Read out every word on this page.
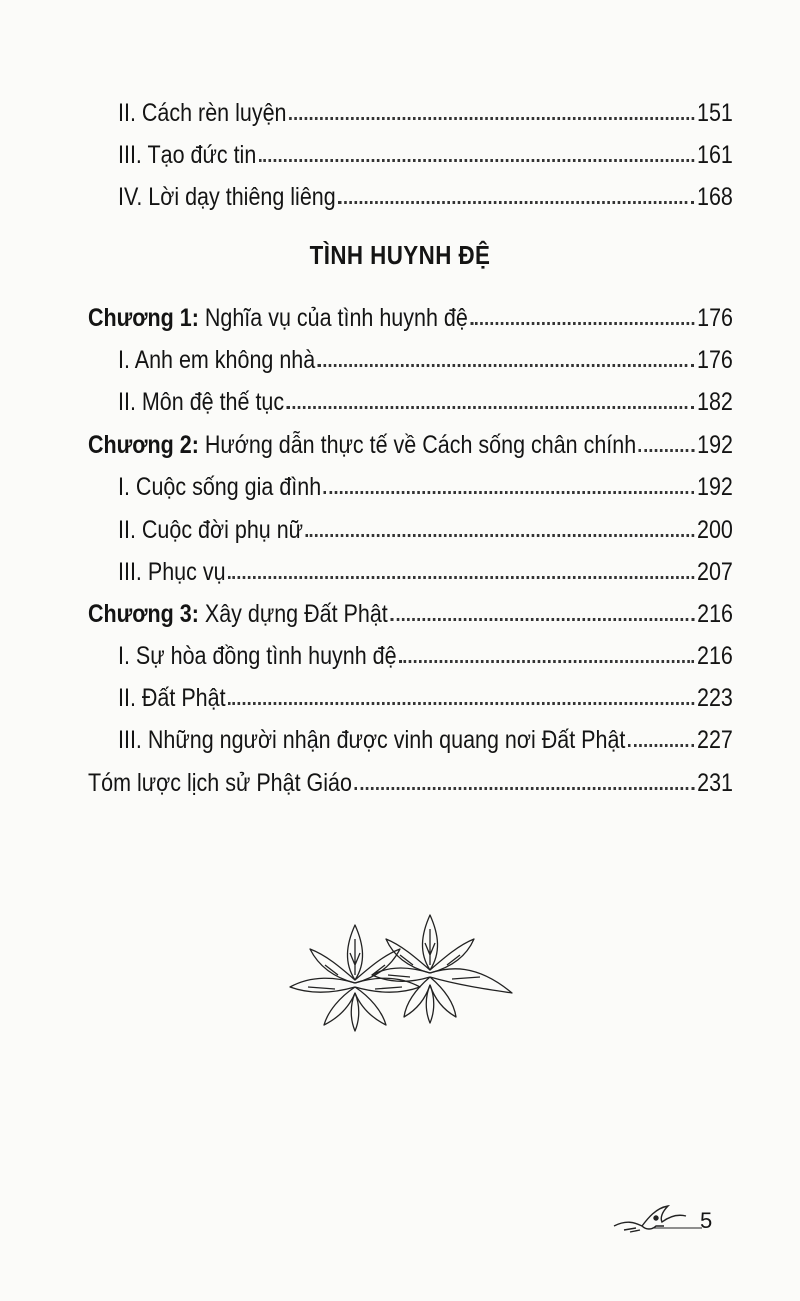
II. Cách rèn luyện	151
III. Tạo đức tin	161
IV. Lời dạy thiêng liêng	168
TÌNH HUYNH ĐỆ
Chương 1: Nghĩa vụ của tình huynh đệ	176
I. Anh em không nhà	176
II. Môn đệ thế tục	182
Chương 2: Hướng dẫn thực tế về Cách sống chân chính 192
I. Cuộc sống gia đình	192
II. Cuộc đời phụ nữ	200
III. Phục vụ	207
Chương 3: Xây dựng Đất Phật	216
I. Sự hòa đồng tình huynh đệ	216
II. Đất Phật	223
III. Những người nhận được vinh quang nơi Đất Phật	227
Tóm lược lịch sử Phật Giáo	231
5
